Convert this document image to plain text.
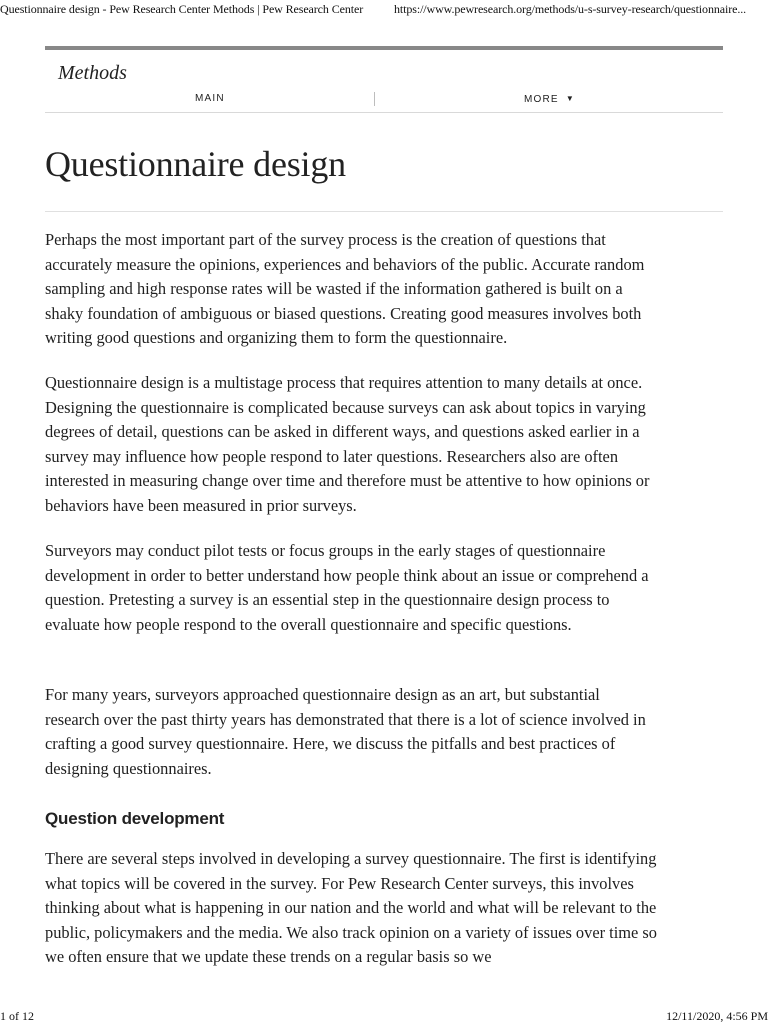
Questionnaire design - Pew Research Center Methods | Pew Research Center	https://www.pewresearch.org/methods/u-s-survey-research/questionnaire...
Methods
MAIN	MORE ▼
Questionnaire design

Perhaps the most important part of the survey process is the creation of questions that accurately measure the opinions, experiences and behaviors of the public. Accurate random sampling and high response rates will be wasted if the information gathered is built on a shaky foundation of ambiguous or biased questions. Creating good measures involves both writing good questions and organizing them to form the questionnaire.

Questionnaire design is a multistage process that requires attention to many details at once. Designing the questionnaire is complicated because surveys can ask about topics in varying degrees of detail, questions can be asked in different ways, and questions asked earlier in a survey may influence how people respond to later questions. Researchers also are often interested in measuring change over time and therefore must be attentive to how opinions or behaviors have been measured in prior surveys.

Surveyors may conduct pilot tests or focus groups in the early stages of questionnaire development in order to better understand how people think about an issue or comprehend a question. Pretesting a survey is an essential step in the questionnaire design process to evaluate how people respond to the overall questionnaire and specific questions.

For many years, surveyors approached questionnaire design as an art, but substantial research over the past thirty years has demonstrated that there is a lot of science involved in crafting a good survey questionnaire. Here, we discuss the pitfalls and best practices of designing questionnaires.

Question development

There are several steps involved in developing a survey questionnaire. The first is identifying what topics will be covered in the survey. For Pew Research Center surveys, this involves thinking about what is happening in our nation and the world and what will be relevant to the public, policymakers and the media. We also track opinion on a variety of issues over time so we often ensure that we update these trends on a regular basis so we

1 of 12	12/11/2020, 4:56 PM
